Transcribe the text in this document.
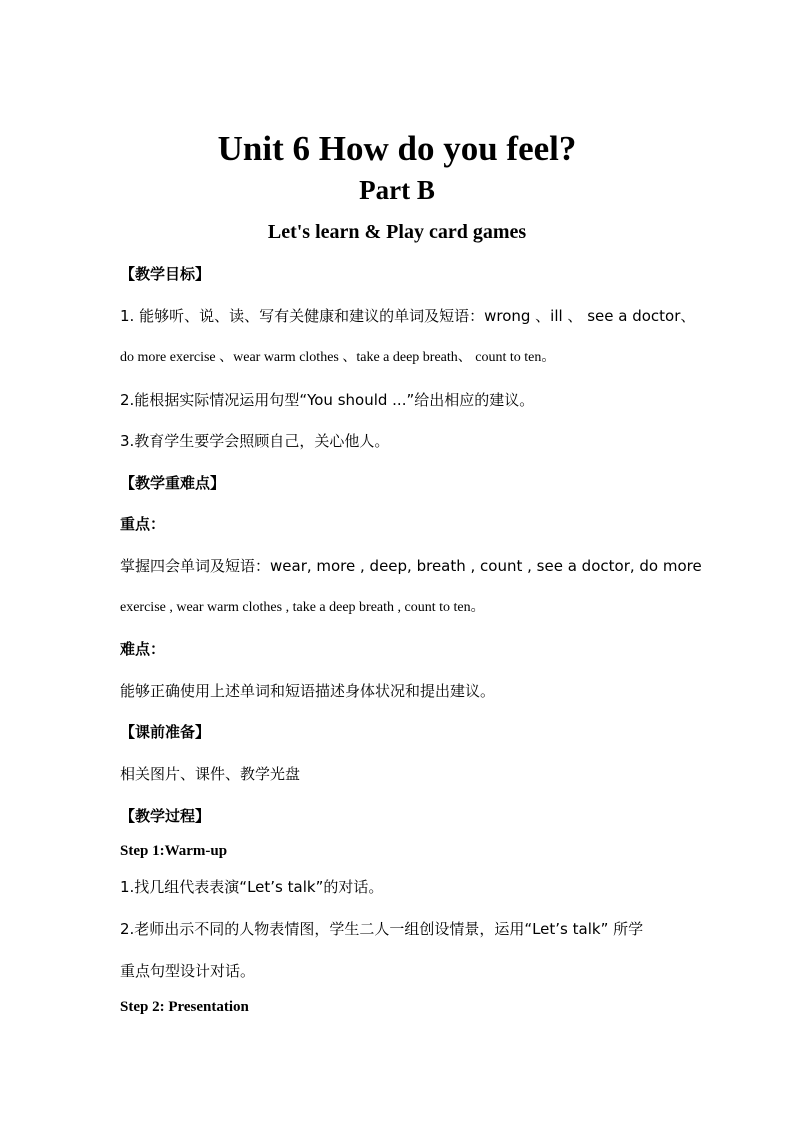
Unit 6 How do you feel?
Part B
Let's learn & Play card games

【教学目标】

1. 能够听、说、读、写有关健康和建议的单词及短语：wrong 、ill 、 see a doctor、

do more exercise 、wear warm clothes 、take a deep breath、 count to ten。

2.能根据实际情况运用句型“You should ...”给出相应的建议。

3.教育学生要学会照顾自己，关心他人。

【教学重难点】

重点：

掌握四会单词及短语：wear, more , deep, breath , count , see a doctor, do more

exercise , wear warm clothes , take a deep breath , count to ten。

难点：

能够正确使用上述单词和短语描述身体状况和提出建议。

【课前准备】

相关图片、课件、教学光盘

【教学过程】

Step 1:Warm-up

1.找几组代表表演“Let’s talk”的对话。

2.老师出示不同的人物表情图，学生二人一组创设情景，运用“Let’s talk” 所学

重点句型设计对话。

Step 2: Presentation
